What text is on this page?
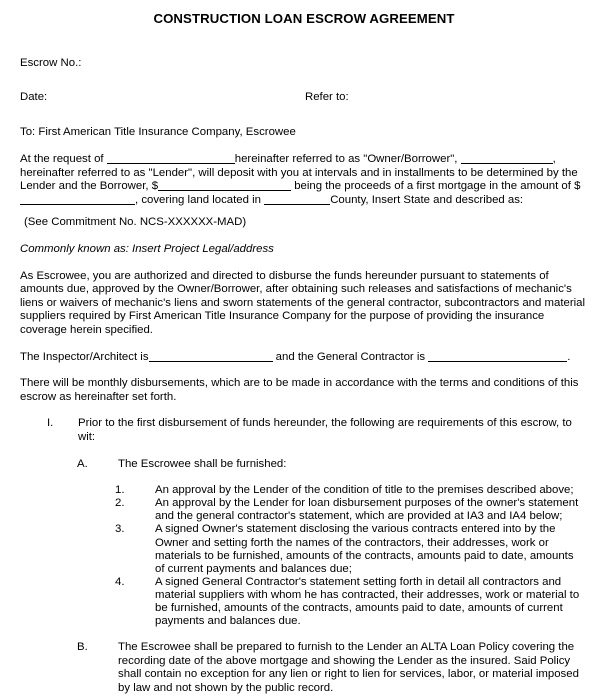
CONSTRUCTION LOAN ESCROW AGREEMENT
Escrow No.:
Date:	Refer to:
To: First American Title Insurance Company, Escrowee
At the request of	hereinafter referred to as "Owner/Borrower",	, hereinafter referred to as "Lender", will deposit with you at intervals and in installments to be determined by the Lender and the Borrower, $	being the proceeds of a first mortgage in the amount of $, covering land located in	County, Insert State and described as:
(See Commitment No. NCS-XXXXXX-MAD)
Commonly known as: Insert Project Legal/address
As Escrowee, you are authorized and directed to disburse the funds hereunder pursuant to statements of amounts due, approved by the Owner/Borrower, after obtaining such releases and satisfactions of mechanic's liens or waivers of mechanic's liens and sworn statements of the general contractor, subcontractors and material suppliers required by First American Title Insurance Company for the purpose of providing the insurance coverage herein specified.
The Inspector/Architect is	and the General Contractor is	.
There will be monthly disbursements, which are to be made in accordance with the terms and conditions of this escrow as hereinafter set forth.
I. Prior to the first disbursement of funds hereunder, the following are requirements of this escrow, to wit:
A.	The Escrowee shall be furnished:
1.	An approval by the Lender of the condition of title to the premises described above;
2.	An approval by the Lender for loan disbursement purposes of the owner's statement and the general contractor's statement, which are provided at IA3 and IA4 below;
3.	A signed Owner's statement disclosing the various contracts entered into by the Owner and setting forth the names of the contractors, their addresses, work or materials to be furnished, amounts of the contracts, amounts paid to date, amounts of current payments and balances due;
4.	A signed General Contractor's statement setting forth in detail all contractors and material suppliers with whom he has contracted, their addresses, work or material to be furnished, amounts of the contracts, amounts paid to date, amounts of current payments and balances due.
B.	The Escrowee shall be prepared to furnish to the Lender an ALTA Loan Policy covering the recording date of the above mortgage and showing the Lender as the insured. Said Policy shall contain no exception for any lien or right to lien for services, labor, or material imposed by law and not shown by the public record.
